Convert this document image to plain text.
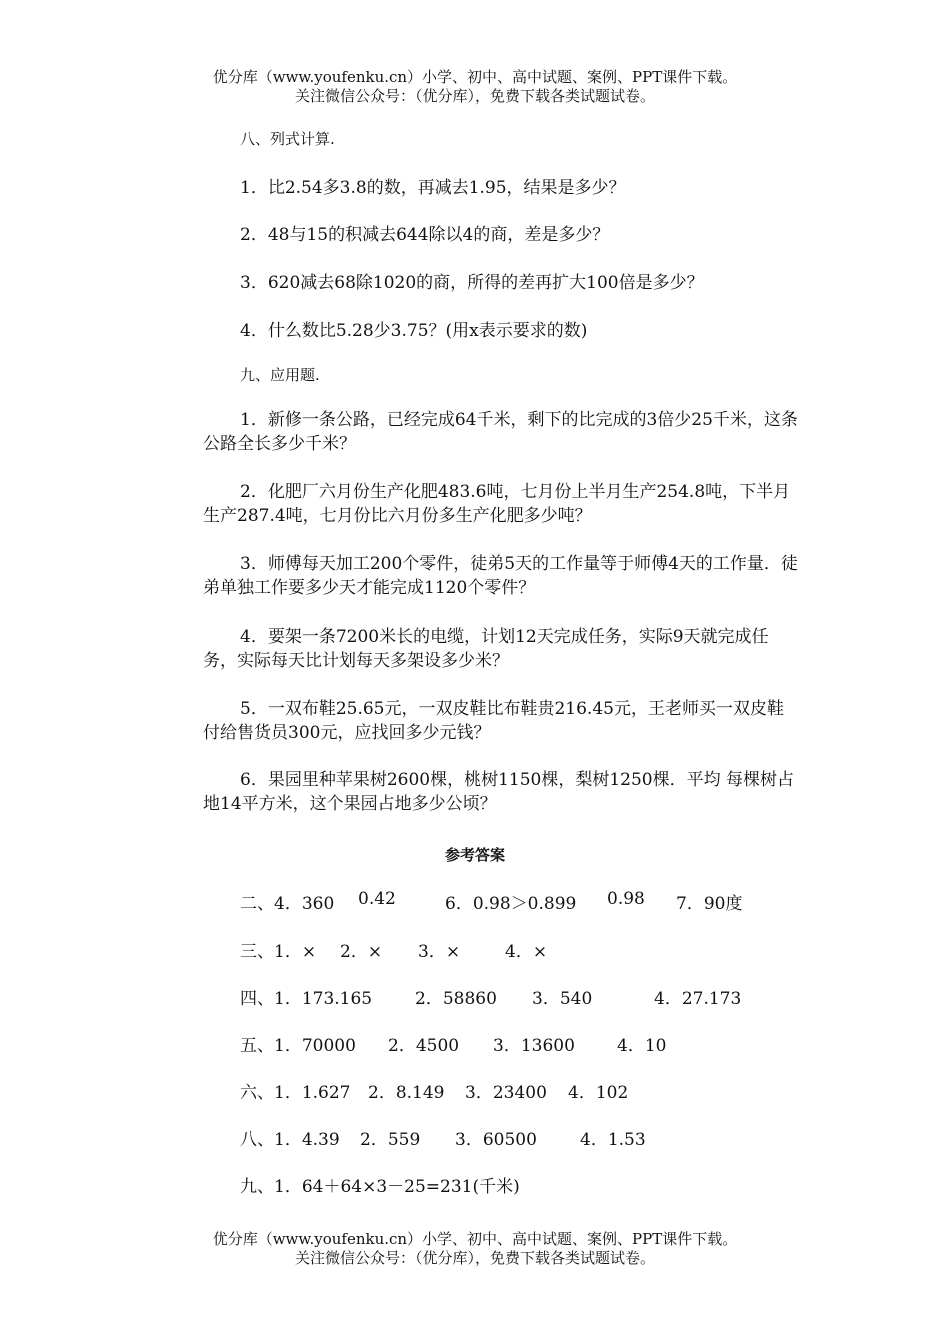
优分库（www.youfenku.cn）小学、初中、高中试题、案例、PPT课件下载。
关注微信公众号：（优分库），免费下载各类试题试卷。
八、列式计算.
1．比2.54多3.8的数，再减去1.95，结果是多少？
2．48与15的积减去644除以4的商，差是多少？
3．620减去68除1020的商，所得的差再扩大100倍是多少？
4．什么数比5.28少3.75？(用x表示要求的数)
九、应用题.
1．新修一条公路，已经完成64千米，剩下的比完成的3倍少25千米，这条公路全长多少千米？
2．化肥厂六月份生产化肥483.6吨，七月份上半月生产254.8吨，下半月生产287.4吨，七月份比六月份多生产化肥多少吨？
3．师傅每天加工200个零件，徒弟5天的工作量等于师傅4天的工作量．徒弟单独工作要多少天才能完成1120个零件？
4．要架一条7200米长的电缆，计划12天完成任务，实际9天就完成任务，实际每天比计划每天多架设多少米？
5．一双布鞋25.65元，一双皮鞋比布鞋贵216.45元，王老师买一双皮鞋付给售货员300元，应找回多少元钱？
6．果园里种苹果树2600棵，桃树1150棵，梨树1250棵．平均 每棵树占地14平方米，这个果园占地多少公顷？
参考答案
二、4．360 0.42	6．0.98＞0.899 0.98 7．90度
三、1．× 2．× 3．×	4．×
四、1．173.165	2．58860 3．540	4．27.173
五、1．70000 2．4500 3．13600 4．10
六、1．1.627 2．8.149 3．23400 4．102
八、1．4.39 2．559 3．60500	4．1.53
九、1．64＋64×3－25=231(千米)
优分库（www.youfenku.cn）小学、初中、高中试题、案例、PPT课件下载。
关注微信公众号：（优分库），免费下载各类试题试卷。
